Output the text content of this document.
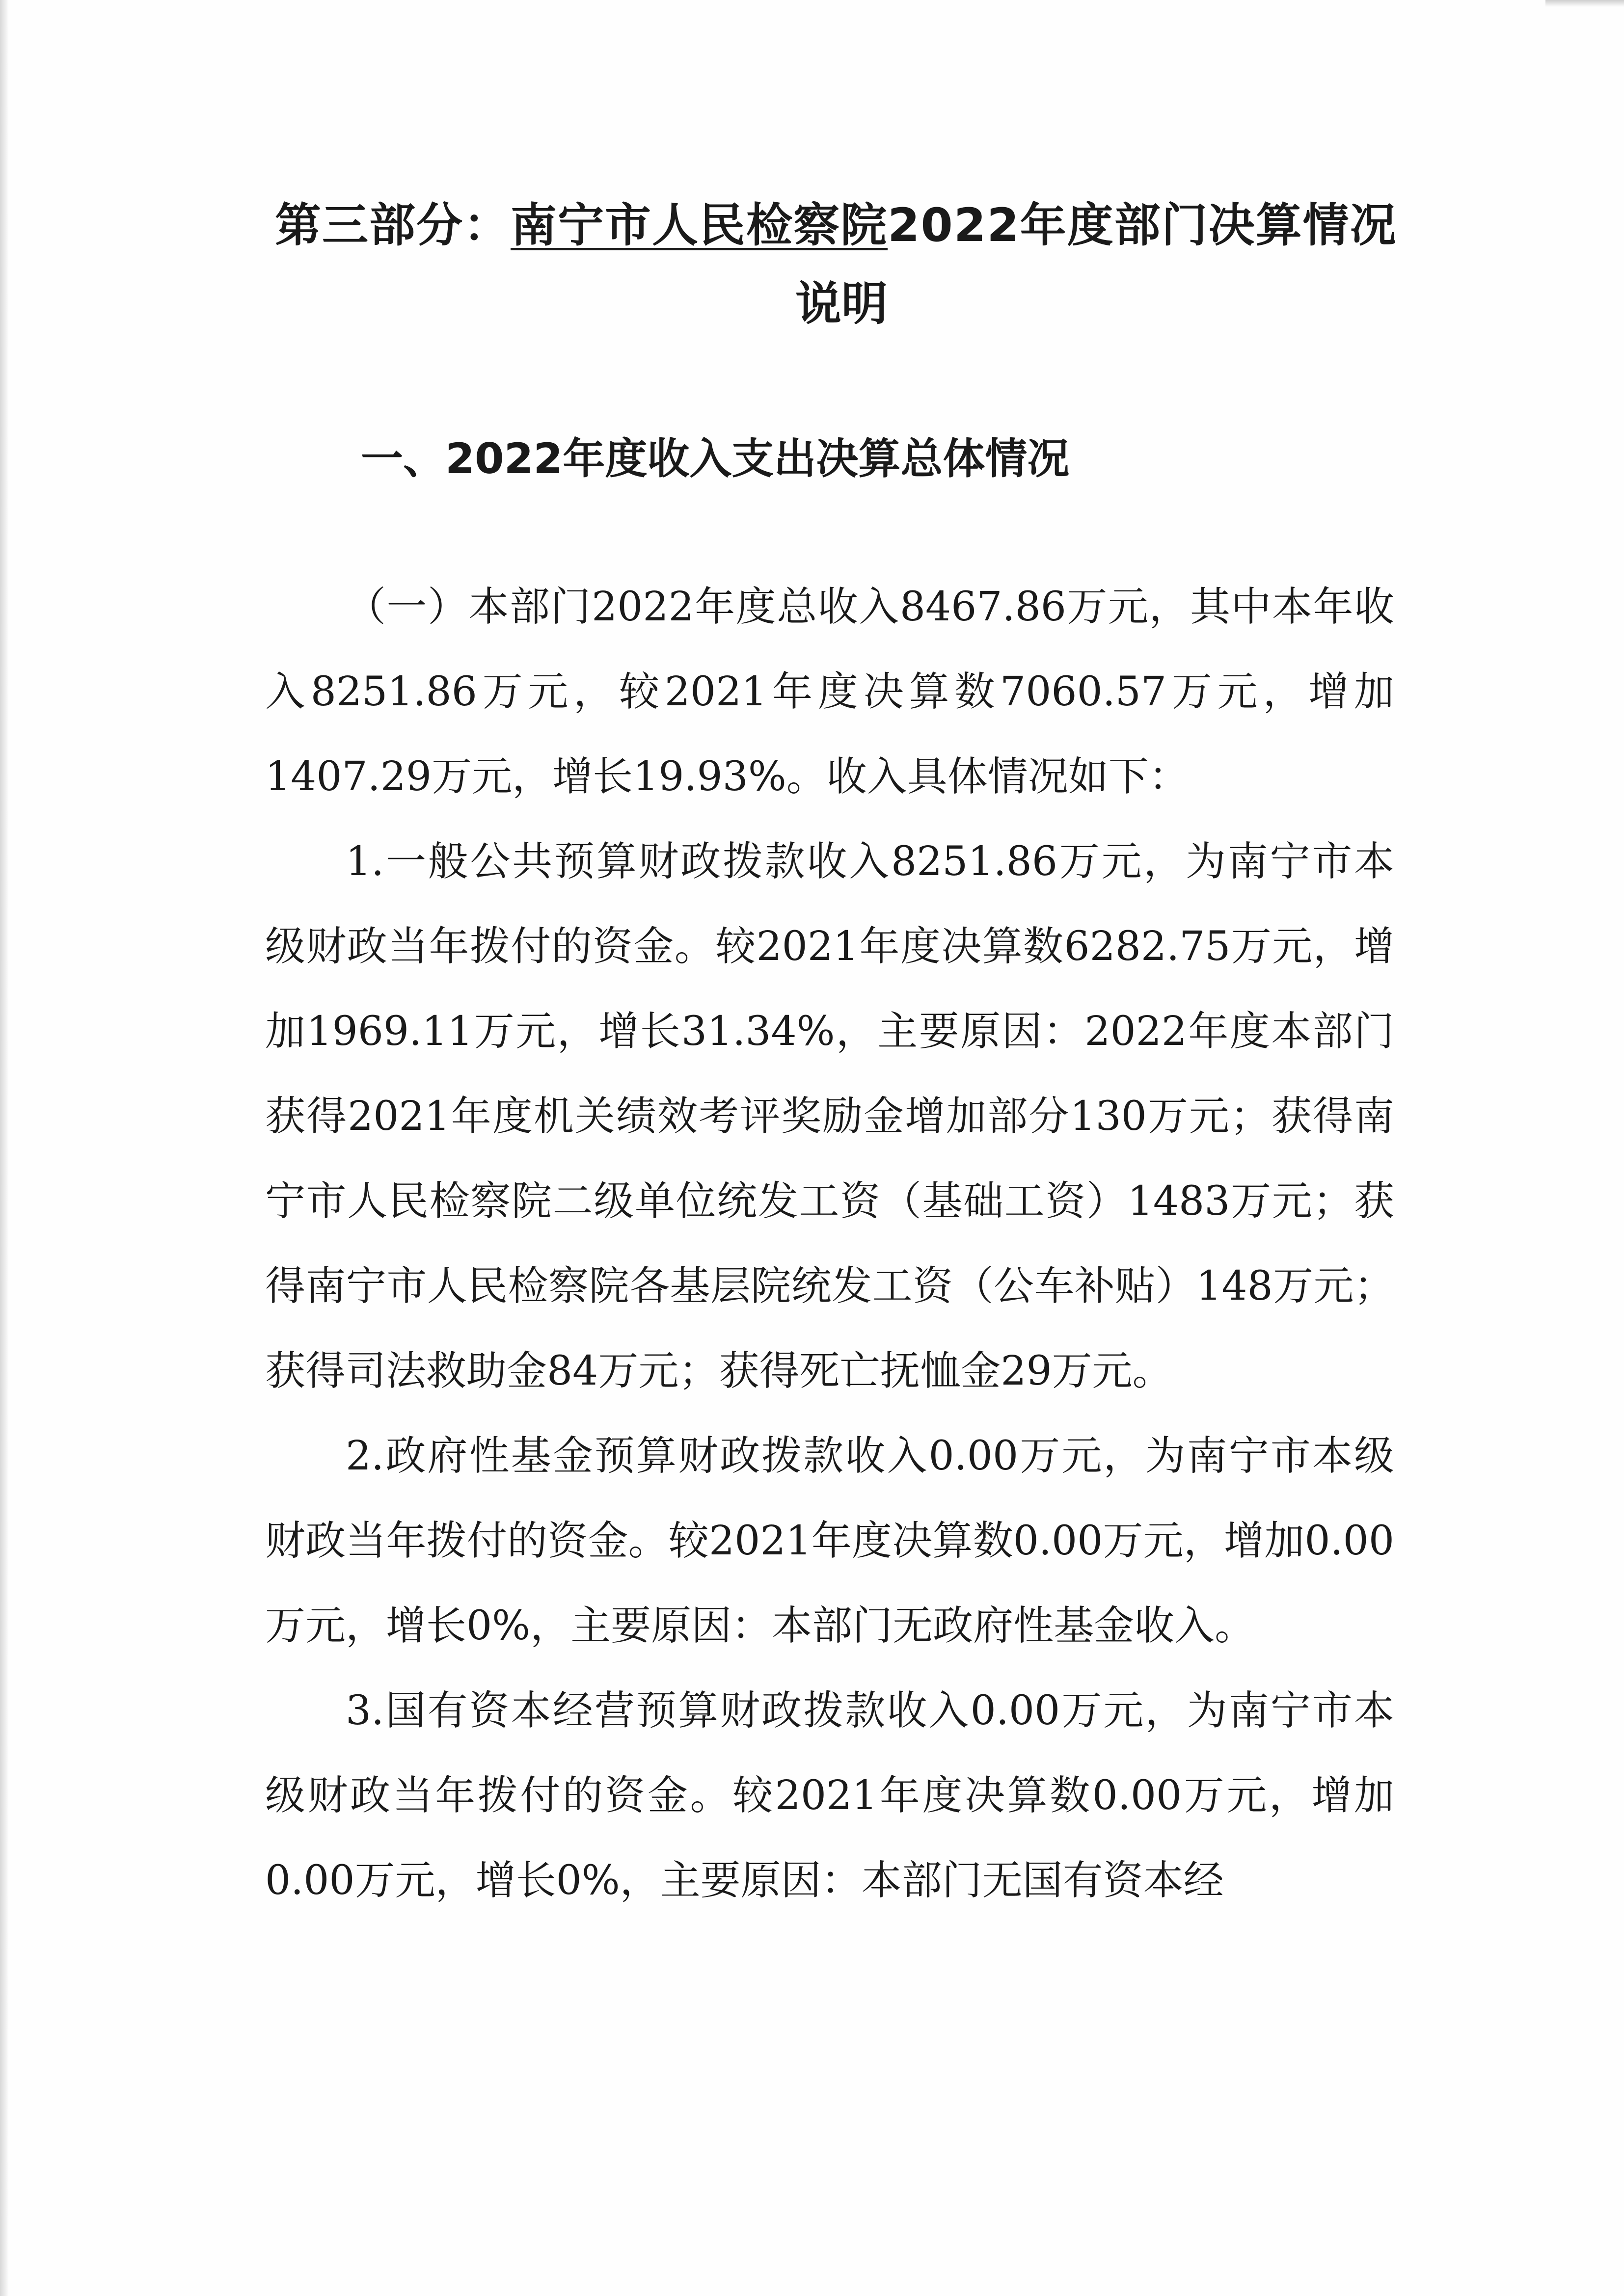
第三部分：南宁市人民检察院2022年度部门决算情况
说明
一、2022年度收入支出决算总体情况

（一）本部门2022年度总收入8467.86万元，其中本年收入8251.86万元，较2021年度决算数7060.57万元，增加1407.29万元，增长19.93%。收入具体情况如下：

1.一般公共预算财政拨款收入8251.86万元，为南宁市本级财政当年拨付的资金。较2021年度决算数6282.75万元，增加1969.11万元，增长31.34%，主要原因：2022年度本部门获得2021年度机关绩效考评奖励金增加部分130万元；获得南宁市人民检察院二级单位统发工资（基础工资）1483万元；获得南宁市人民检察院各基层院统发工资（公车补贴）148万元；获得司法救助金84万元；获得死亡抚恤金29万元。

2.政府性基金预算财政拨款收入0.00万元，为南宁市本级财政当年拨付的资金。较2021年度决算数0.00万元，增加0.00万元，增长0%，主要原因：本部门无政府性基金收入。

3.国有资本经营预算财政拨款收入0.00万元，为南宁市本级财政当年拨付的资金。较2021年度决算数0.00万元，增加0.00万元，增长0%，主要原因：本部门无国有资本经
